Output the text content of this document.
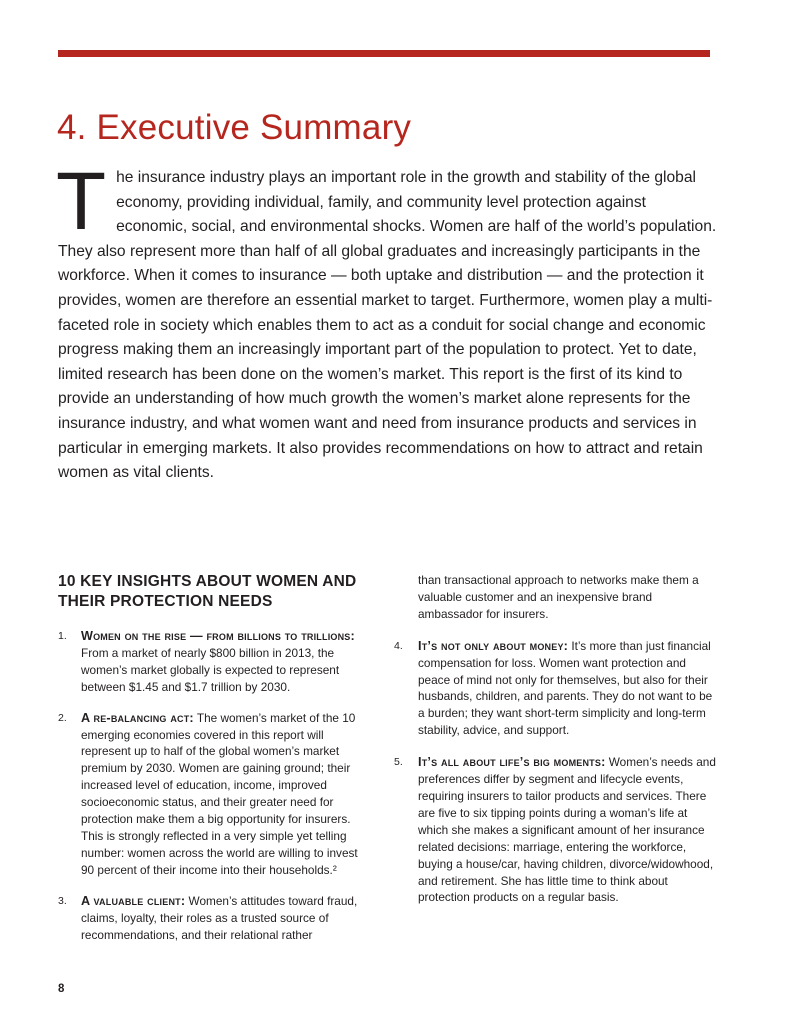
4. Executive Summary

The insurance industry plays an important role in the growth and stability of the global economy, providing individual, family, and community level protection against economic, social, and environmental shocks. Women are half of the world’s population. They also represent more than half of all global graduates and increasingly participants in the workforce. When it comes to insurance — both uptake and distribution — and the protection it provides, women are therefore an essential market to target. Furthermore, women play a multi-faceted role in society which enables them to act as a conduit for social change and economic progress making them an increasingly important part of the population to protect. Yet to date, limited research has been done on the women’s market. This report is the first of its kind to provide an understanding of how much growth the women’s market alone represents for the insurance industry, and what women want and need from insurance products and services in particular in emerging markets. It also provides recommendations on how to attract and retain women as vital clients.

10 KEY INSIGHTS ABOUT WOMEN AND THEIR PROTECTION NEEDS
1. Women on the rise — from billions to trillions: From a market of nearly $800 billion in 2013, the women’s market globally is expected to represent between $1.45 and $1.7 trillion by 2030.
2. A re-balancing act: The women’s market of the 10 emerging economies covered in this report will represent up to half of the global women’s market premium by 2030. Women are gaining ground; their increased level of education, income, improved socioeconomic status, and their greater need for protection make them a big opportunity for insurers. This is strongly reflected in a very simple yet telling number: women across the world are willing to invest 90 percent of their income into their households.²
3. A valuable client: Women’s attitudes toward fraud, claims, loyalty, their roles as a trusted source of recommendations, and their relational rather

than transactional approach to networks make them a valuable customer and an inexpensive brand ambassador for insurers.

4. It’s not only about money: It’s more than just financial compensation for loss. Women want protection and peace of mind not only for themselves, but also for their husbands, children, and parents. They do not want to be a burden; they want short-term simplicity and long-term stability, advice, and support.
5. It’s all about life’s big moments: Women’s needs and preferences differ by segment and lifecycle events, requiring insurers to tailor products and services. There are five to six tipping points during a woman’s life at which she makes a significant amount of her insurance related decisions: marriage, entering the workforce, buying a house/car, having children, divorce/widowhood, and retirement. She has little time to think about protection products on a regular basis.
8
